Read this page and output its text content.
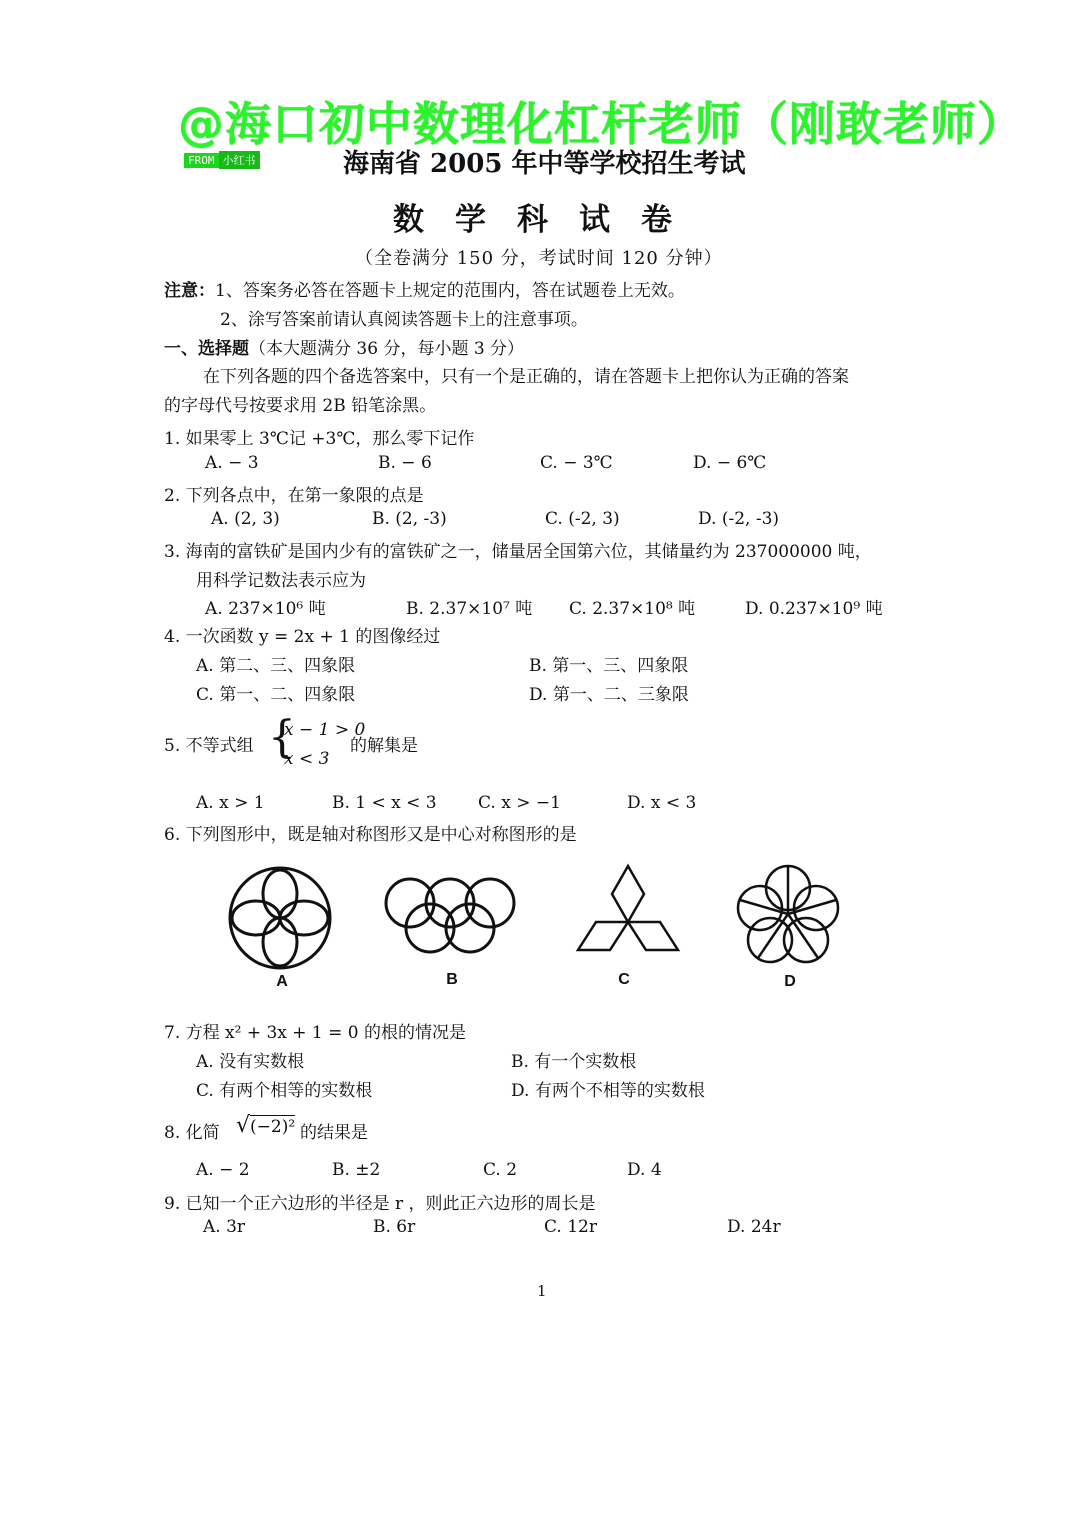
@海口初中数理化杠杆老师（刚敢老师）
FROM 小红书	海南省 2005 年中等学校招生考试
数学科试卷
（全卷满分 150 分，考试时间 120 分钟）
注意：1、答案务必答在答题卡上规定的范围内，答在试题卷上无效。
2、涂写答案前请认真阅读答题卡上的注意事项。
一、选择题（本大题满分 36 分，每小题 3 分）
在下列各题的四个备选答案中，只有一个是正确的，请在答题卡上把你认为正确的答案
的字母代号按要求用 2B 铅笔涂黑。
1. 如果零上 3℃记 +3℃，那么零下记作
A. − 3	B. − 6	C. − 3℃	D. − 6℃
2. 下列各点中，在第一象限的点是
A. (2, 3)	B. (2, -3)	C. (-2, 3)	D. (-2, -3)
3. 海南的富铁矿是国内少有的富铁矿之一，储量居全国第六位，其储量约为 237000000 吨，
用科学记数法表示应为
A. 237×10⁶ 吨	B. 2.37×10⁷ 吨 C. 2.37×10⁸ 吨	D. 0.237×10⁹ 吨
4. 一次函数 y = 2x + 1 的图像经过
A. 第二、三、四象限	B. 第一、三、四象限
C. 第一、二、四象限	D. 第一、二、三象限
5. 不等式组 {
x − 1 > 0
x < 3
的解集是
A. x > 1	B. 1 < x < 3 C. x > −1	D. x < 3
6. 下列图形中，既是轴对称图形又是中心对称图形的是
A	B	C	D
7. 方程 x² + 3x + 1 = 0 的根的情况是
A. 没有实数根	B. 有一个实数根
C. 有两个相等的实数根	D. 有两个不相等的实数根
8. 化简 √(−2)² 的结果是
A. − 2	B. ±2	C. 2	D. 4
9. 已知一个正六边形的半径是 r ，则此正六边形的周长是
A. 3r	B. 6r	C. 12r	D. 24r
1
